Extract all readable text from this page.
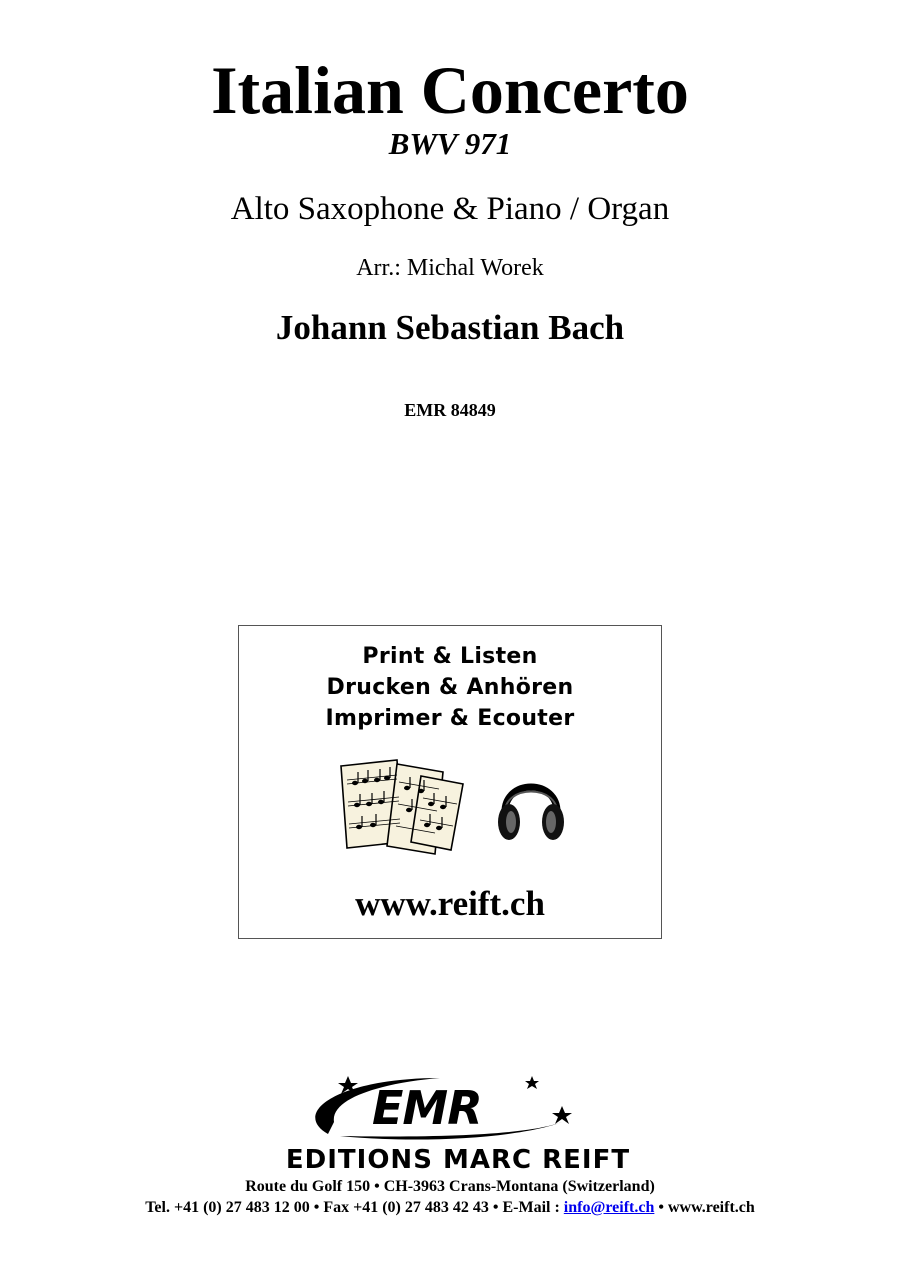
Italian Concerto
BWV 971
Alto Saxophone & Piano / Organ
Arr.: Michal Worek
Johann Sebastian Bach
EMR 84849
Print & Listen
Drucken & Anhören
Imprimer & Ecouter
www.reift.ch
EMR
EDITIONS MARC REIFT
Route du Golf 150 • CH-3963 Crans-Montana (Switzerland)
Tel. +41 (0) 27 483 12 00 • Fax +41 (0) 27 483 42 43 • E-Mail : info@reift.ch • www.reift.ch
